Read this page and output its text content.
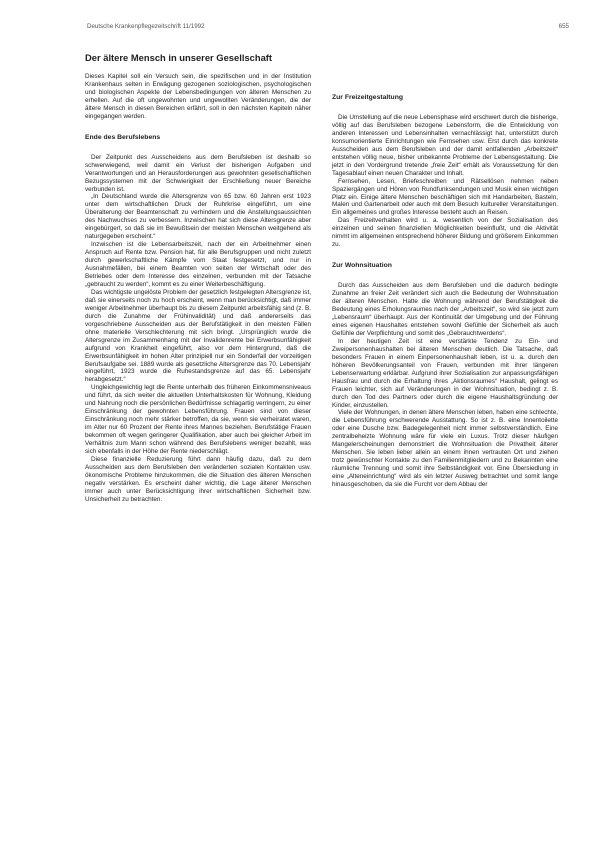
Deutsche Krankenpflegezeitschrift 11/1992	655
Der ältere Mensch in unserer Gesellschaft

Dieses Kapitel soll ein Versuch sein, die spezifischen und in der Institution Krankenhaus selten in Erwägung gezogenen soziologischen, psychologischen und biologischen Aspekte der Lebensbedingungen von älteren Menschen zu erhellen. Auf die oft ungewohnten und ungewollten Veränderungen, die der ältere Mensch in diesen Bereichen erfährt, soll in den nächsten Kapiteln näher eingegangen werden.

Ende des Berufslebens

Der Zeitpunkt des Ausscheidens aus dem Berufsleben ist deshalb so schwerwiegend, weil damit ein Verlust der bisherigen Aufgaben und Verantwortungen und an Herausforderungen aus gewohnten gesellschaftlichen Bezugssystemen mit der Schwierigkeit der Erschließung neuer Bereiche verbunden ist.

„In Deutschland wurde die Altersgrenze von 65 bzw. 60 Jahren erst 1923 unter dem wirtschaftlichen Druck der Ruhrkrise eingeführt, um eine Überalterung der Beamtenschaft zu verhindern und die Anstellungsaussichten des Nachwuchses zu verbessern. Inzwischen hat sich diese Altersgrenze aber eingebürgert, so daß sie im Bewußtsein der meisten Menschen weitgehend als naturgegeben erscheint.“

Inzwischen ist die Lebensarbeitszeit, nach der ein Arbeitnehmer einen Anspruch auf Rente bzw. Pension hat, für alle Berufsgruppen und nicht zuletzt durch gewerkschaftliche Kämpfe vom Staat festgesetzt, und nur in Ausnahmefällen, bei einem Beamten von seiten der Wirtschaft oder des Betriebes oder dem Interesse des einzelnen, verbunden mit der Tatsache „gebraucht zu werden“, kommt es zu einer Weiterbeschäftigung.

Das wichtigste ungelöste Problem der gesetzlich festgelegten Altersgrenze ist, daß sie einerseits noch zu hoch erscheint, wenn man berücksichtigt, daß immer weniger Arbeitnehmer überhaupt bis zu diesem Zeitpunkt arbeitsfähig sind (z. B. durch die Zunahme der Frühinvalidität) und daß andererseits das vorgeschriebene Ausscheiden aus der Berufstätigkeit in den meisten Fällen ohne materielle Verschlechterung mit sich bringt. „Ursprünglich wurde die Altersgrenze im Zusammenhang mit der Invalidenrente bei Erwerbsunfähigkeit aufgrund von Krankheit eingeführt, also vor dem Hintergrund, daß die Erwerbsunfähigkeit im hohen Alter prinzipiell nur ein Sonderfall der vorzeitigen Berufsaufgabe sei. 1889 wurde als gesetzliche Altersgrenze das 70. Lebensjahr eingeführt, 1923 wurde die Ruhestandsgrenze auf das 65. Lebensjahr herabgesetzt.“

Ungleichgewichtig legt die Rente unterhalb des früheren Einkommensniveaus und führt, da sich weiter die aktuellen Unterhaltskosten für Wohnung, Kleidung und Nahrung noch die persönlichen Bedürfnisse schlagartig verringern, zu einer Einschränkung der gewohnten Lebensführung. Frauen sind von dieser Einschränkung noch mehr stärker betroffen, da sie, wenn sie verheiratet waren, im Alter nur 60 Prozent der Rente ihres Mannes beziehen. Berufstätige Frauen bekommen oft wegen geringerer Qualifikation, aber auch bei gleicher Arbeit im Verhältnis zum Mann schon während des Berufslebens weniger bezahlt, was sich ebenfalls in der Höhe der Rente niederschlägt.

Diese finanzielle Reduzierung führt dann häufig dazu, daß zu dem Ausscheiden aus dem Berufsleben den veränderten sozialen Kontakten usw. ökonomische Probleme hinzukommen, die die Situation des älteren Menschen negativ verstärken. Es erscheint daher wichtig, die Lage älterer Menschen immer auch unter Berücksichtigung ihrer wirtschaftlichen Sicherheit bzw. Unsicherheit zu betrachten.

Zur Freizeitgestaltung

Die Umstellung auf die neue Lebensphase wird erschwert durch die bisherige, völlig auf das Berufsleben bezogene Lebensform, die die Entwicklung von anderen Interessen und Lebensinhalten vernachlässigt hat, unterstützt durch konsumorientierte Einrichtungen wie Fernsehen usw. Erst durch das konkrete Ausscheiden aus dem Berufsleben und der damit entfallenden „Arbeitszeit“ entstehen völlig neue, bisher unbekannte Probleme der Lebensgestaltung. Die jetzt in den Vordergrund tretende „freie Zeit“ erhält als Voraussetzung für den Tagesablauf einen neuen Charakter und Inhalt.

Fernsehen, Lesen, Briefeschreiben und Rätsellösen nehmen neben Spaziergängen und Hören von Rundfunksendungen und Musik einen wichtigen Platz ein. Einige ältere Menschen beschäftigen sich mit Handarbeiten, Basteln, Malen und Gartenarbeit oder auch mit dem Besuch kultureller Veranstaltungen. Ein allgemeines und großes Interesse besteht auch an Reisen.

Das Freizeitverhalten wird u. a. wesentlich von der Sozialisation des einzelnen und seinen finanziellen Möglichkeiten beeinflußt, und die Aktivität nimmt im allgemeinen entsprechend höherer Bildung und größerem Einkommen zu.

Zur Wohnsituation

Durch das Ausscheiden aus dem Berufsleben und die dadurch bedingte Zunahme an freier Zeit verändert sich auch die Bedeutung der Wohnsituation der älteren Menschen. Hatte die Wohnung während der Berufstätigkeit die Bedeutung eines Erholungsraumes nach der „Arbeitszeit“, so wird sie jetzt zum „Lebensraum“ überhaupt. Aus der Kontinuität der Umgebung und der Führung eines eigenen Haushaltes entstehen sowohl Gefühle der Sicherheit als auch Gefühle der Verpflichtung und somit des „Gebrauchtwerdens“.

In der heutigen Zeit ist eine verstärkte Tendenz zu Ein- und Zweipersonenhaushalten bei älteren Menschen deutlich. Die Tatsache, daß besonders Frauen in einem Einpersonenhaushalt leben, ist u. a. durch den höheren Bevölkerungsanteil von Frauen, verbunden mit ihrer längeren Lebenserwartung erklärbar. Aufgrund ihrer Sozialisation zur anpassungsfähigen Hausfrau und durch die Erhaltung ihres „Aktionsraumes“ Haushalt, gelingt es Frauen leichter, sich auf Veränderungen in der Wohnsituation, bedingt z. B. durch den Tod des Partners oder durch die eigene Haushaltsgründung der Kinder, einzustellen.

Viele der Wohnungen, in denen ältere Menschen leben, haben eine schlechte, die Lebensführung erschwerende Ausstattung. So ist z. B. eine Innentoilette oder eine Dusche bzw. Badegelegenheit nicht immer selbstverständlich. Eine zentralbeheizte Wohnung wäre für viele ein Luxus. Trotz dieser häufigen Mangelerscheinungen demonstriert die Wohnsituation die Privatheit älterer Menschen. Sie leben lieber allein an einem ihnen vertrauten Ort und ziehen trotz gewünschter Kontakte zu den Familienmitgliedern und zu Bekannten eine räumliche Trennung und somit ihre Selbständigkeit vor. Eine Übersiedlung in eine „Alteneinrichtung“ wird als ein letzter Ausweg betrachtet und somit lange hinausgeschoben, da sie die Furcht vor dem Abbau der
